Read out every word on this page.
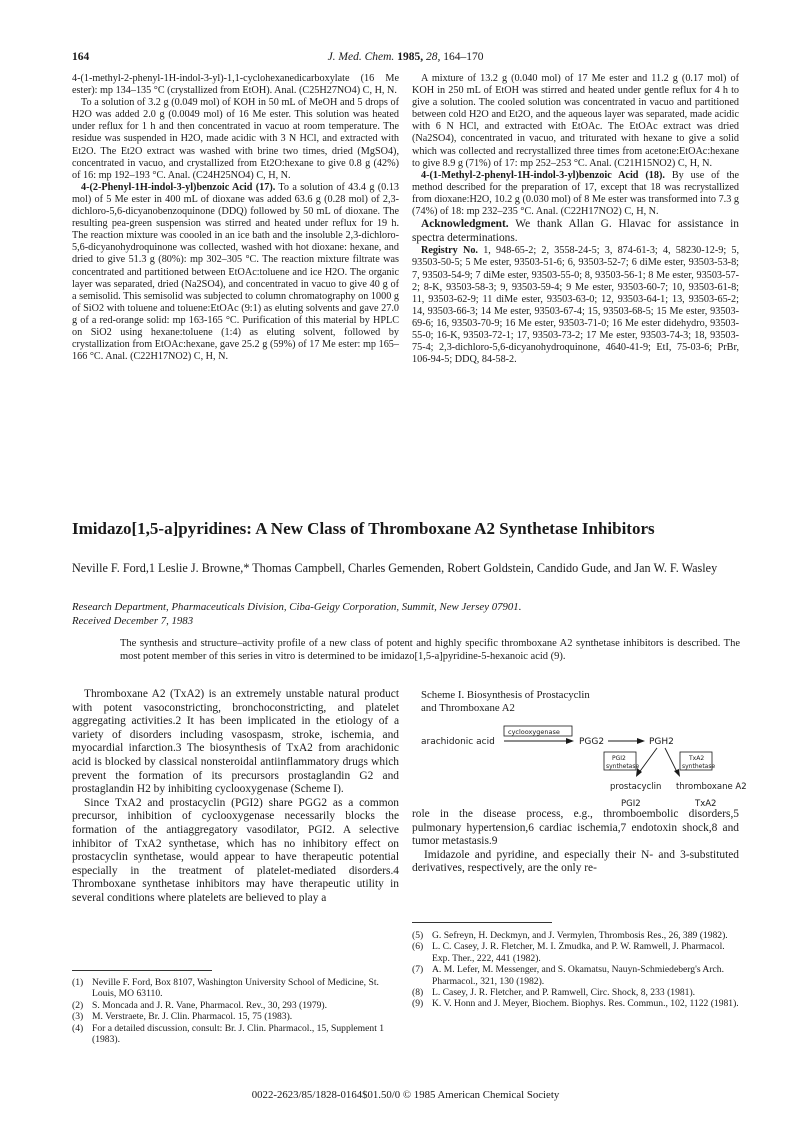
164	J. Med. Chem. 1985, 28, 164–170

4-(1-methyl-2-phenyl-1H-indol-3-yl)-1,1-cyclohexanedicarboxylate (16 Me ester): mp 134–135 °C (crystallized from EtOH). Anal. (C25H27NO4) C, H, N.

To a solution of 3.2 g (0.049 mol) of KOH in 50 mL of MeOH and 5 drops of H2O was added 2.0 g (0.0049 mol) of 16 Me ester. This solution was heated under reflux for 1 h and then concentrated in vacuo at room temperature. The residue was suspended in H2O, made acidic with 3 N HCl, and extracted with Et2O. The Et2O extract was washed with brine two times, dried (MgSO4), concentrated in vacuo, and crystallized from Et2O:hexane to give 0.8 g (42%) of 16: mp 192–193 °C. Anal. (C24H25NO4) C, H, N.

4-(2-Phenyl-1H-indol-3-yl)benzoic Acid (17). To a solution of 43.4 g (0.13 mol) of 5 Me ester in 400 mL of dioxane was added 63.6 g (0.28 mol) of 2,3-dichloro-5,6-dicyanobenzoquinone (DDQ) followed by 50 mL of dioxane. The resulting pea-green suspension was stirred and heated under reflux for 19 h. The reaction mixture was coooled in an ice bath and the insoluble 2,3-dichloro-5,6-dicyanohydroquinone was collected, washed with hot dioxane: hexane, and dried to give 51.3 g (80%): mp 302–305 °C. The reaction mixture filtrate was concentrated and partitioned between EtOAc:toluene and ice H2O. The organic layer was separated, dried (Na2SO4), and concentrated in vacuo to give 40 g of a semisolid. This semisolid was subjected to column chromatography on 1000 g of SiO2 with toluene and toluene:EtOAc (9:1) as eluting solvents and gave 27.0 g of a red-orange solid: mp 163-165 °C. Purification of this material by HPLC on SiO2 using hexane:toluene (1:4) as eluting solvent, followed by crystallization from EtOAc:hexane, gave 25.2 g (59%) of 17 Me ester: mp 165–166 °C. Anal. (C22H17NO2) C, H, N.

A mixture of 13.2 g (0.040 mol) of 17 Me ester and 11.2 g (0.17 mol) of KOH in 250 mL of EtOH was stirred and heated under gentle reflux for 4 h to give a solution. The cooled solution was concentrated in vacuo and partitioned between cold H2O and Et2O, and the aqueous layer was separated, made acidic with 6 N HCl, and extracted with EtOAc. The EtOAc extract was dried (Na2SO4), concentrated in vacuo, and triturated with hexane to give a solid which was collected and recrystallized three times from acetone:EtOAc:hexane to give 8.9 g (71%) of 17: mp 252–253 °C. Anal. (C21H15NO2) C, H, N.

4-(1-Methyl-2-phenyl-1H-indol-3-yl)benzoic Acid (18). By use of the method described for the preparation of 17, except that 18 was recrystallized from dioxane:H2O, 10.2 g (0.030 mol) of 8 Me ester was transformed into 7.3 g (74%) of 18: mp 232–235 °C. Anal. (C22H17NO2) C, H, N.

Acknowledgment. We thank Allan G. Hlavac for assistance in spectra determinations.

Registry No. 1, 948-65-2; 2, 3558-24-5; 3, 874-61-3; 4, 58230-12-9; 5, 93503-50-5; 5 Me ester, 93503-51-6; 6, 93503-52-7; 6 diMe ester, 93503-53-8; 7, 93503-54-9; 7 diMe ester, 93503-55-0; 8, 93503-56-1; 8 Me ester, 93503-57-2; 8-K, 93503-58-3; 9, 93503-59-4; 9 Me ester, 93503-60-7; 10, 93503-61-8; 11, 93503-62-9; 11 diMe ester, 93503-63-0; 12, 93503-64-1; 13, 93503-65-2; 14, 93503-66-3; 14 Me ester, 93503-67-4; 15, 93503-68-5; 15 Me ester, 93503-69-6; 16, 93503-70-9; 16 Me ester, 93503-71-0; 16 Me ester didehydro, 93503-55-0; 16-K, 93503-72-1; 17, 93503-73-2; 17 Me ester, 93503-74-3; 18, 93503-75-4; 2,3-dichloro-5,6-dicyanohydroquinone, 4640-41-9; EtI, 75-03-6; PrBr, 106-94-5; DDQ, 84-58-2.

Imidazo[1,5-a]pyridines: A New Class of Thromboxane A2 Synthetase Inhibitors
Neville F. Ford,1 Leslie J. Browne,* Thomas Campbell, Charles Gemenden, Robert Goldstein, Candido Gude, and Jan W. F. Wasley
Research Department, Pharmaceuticals Division, Ciba-Geigy Corporation, Summit, New Jersey 07901.
Received December 7, 1983
The synthesis and structure–activity profile of a new class of potent and highly specific thromboxane A2 synthetase inhibitors is described. The most potent member of this series in vitro is determined to be imidazo[1,5-a]pyridine-5-hexanoic acid (9).

Thromboxane A2 (TxA2) is an extremely unstable natural product with potent vasoconstricting, bronchoconstricting, and platelet aggregating activities.2 It has been implicated in the etiology of a variety of disorders including vasospasm, stroke, ischemia, and myocardial infarction.3 The biosynthesis of TxA2 from arachidonic acid is blocked by classical nonsteroidal antiinflammatory drugs which prevent the formation of its precursors prostaglandin G2 and prostaglandin H2 by inhibiting cyclooxygenase (Scheme I).

Since TxA2 and prostacyclin (PGI2) share PGG2 as a common precursor, inhibition of cyclooxygenase necessarily blocks the formation of the antiaggregatory vasodilator, PGI2. A selective inhibitor of TxA2 synthetase, which has no inhibitory effect on prostacyclin synthetase, would appear to have therapeutic potential especially in the treatment of platelet-mediated disorders.4 Thromboxane synthetase inhibitors may have therapeutic utility in several conditions where platelets are believed to play a

Scheme I. Biosynthesis of Prostacyclin
and Thromboxane A2
arachidonic acid
cyclooxygenase
PGG2	PGH2
PGI2
synthetase
TxA2
synthetase
prostacyclin thromboxane A2
PGI2	TxA2

role in the disease process, e.g., thromboembolic disorders,5 pulmonary hypertension,6 cardiac ischemia,7 endotoxin shock,8 and tumor metastasis.9

Imidazole and pyridine, and especially their N- and 3-substituted derivatives, respectively, are the only re-

(1) Neville F. Ford, Box 8107, Washington University School of Medicine, St. Louis, MO 63110.
(2) S. Moncada and J. R. Vane, Pharmacol. Rev., 30, 293 (1979).
(3) M. Verstraete, Br. J. Clin. Pharmacol. 15, 75 (1983).
(4) For a detailed discussion, consult: Br. J. Clin. Pharmacol., 15, Supplement 1 (1983).
(5) G. Sefreyn, H. Deckmyn, and J. Vermylen, Thrombosis Res., 26, 389 (1982).
(6) L. C. Casey, J. R. Fletcher, M. I. Zmudka, and P. W. Ramwell, J. Pharmacol. Exp. Ther., 222, 441 (1982).
(7) A. M. Lefer, M. Messenger, and S. Okamatsu, Nauyn-Schmiedeberg's Arch. Pharmacol., 321, 130 (1982).
(8) L. Casey, J. R. Fletcher, and P. Ramwell, Circ. Shock, 8, 233 (1981).
(9) K. V. Honn and J. Meyer, Biochem. Biophys. Res. Commun., 102, 1122 (1981).
0022-2623/85/1828-0164$01.50/0 © 1985 American Chemical Society
